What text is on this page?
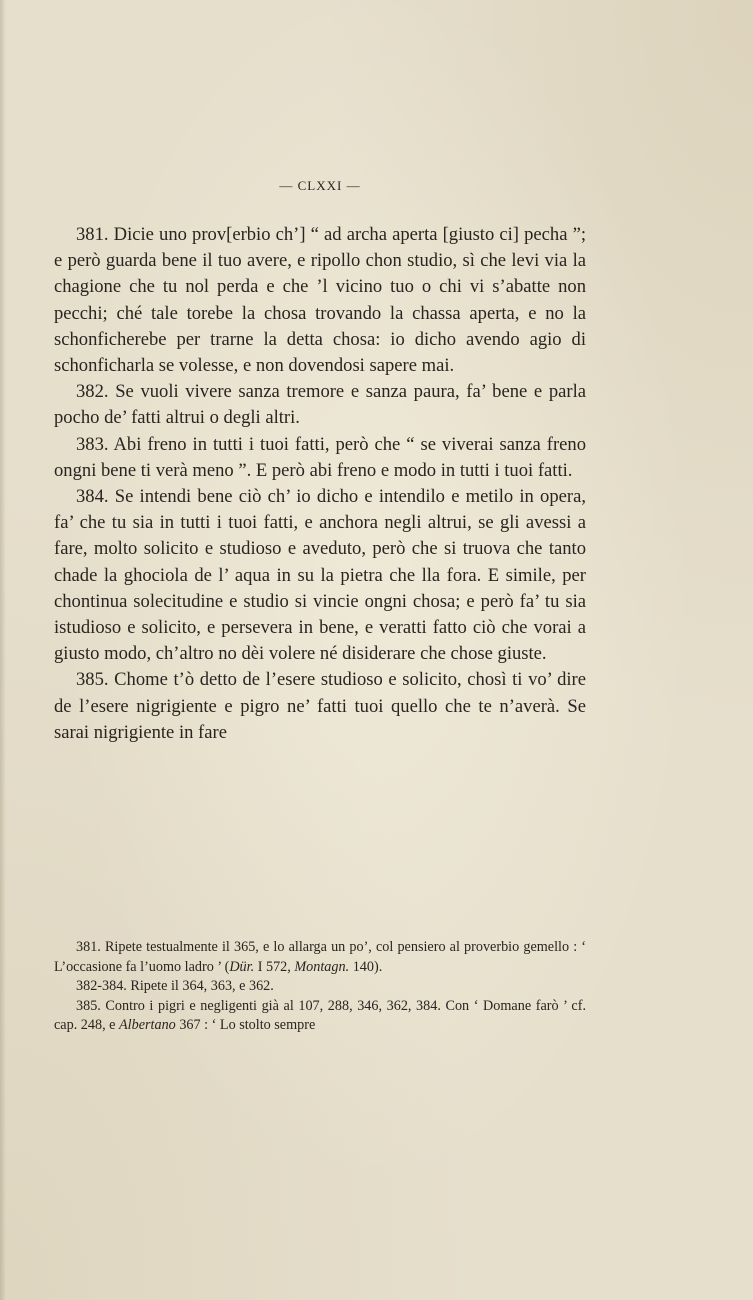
— CLXXI —

381. Dicie uno prov[erbio ch’] “ ad archa aperta [giusto ci] pecha ”; e però guarda bene il tuo avere, e ripollo chon studio, sì che levi via la chagione che tu nol perda e che ’l vicino tuo o chi vi s’abatte non pecchi; ché tale torebe la chosa trovando la chassa aperta, e no la schonficherebe per trarne la detta chosa: io dicho avendo agio di schonficharla se volesse, e non dovendosi sapere mai.

382. Se vuoli vivere sanza tremore e sanza paura, fa’ bene e parla pocho de’ fatti altrui o degli altri.

383. Abi freno in tutti i tuoi fatti, però che “ se viverai sanza freno ongni bene ti verà meno ”. E però abi freno e modo in tutti i tuoi fatti.

384. Se intendi bene ciò ch’ io dicho e intendilo e metilo in opera, fa’ che tu sia in tutti i tuoi fatti, e anchora negli altrui, se gli avessi a fare, molto solicito e studioso e aveduto, però che si truova che tanto chade la ghociola de l’ aqua in su la pietra che lla fora. E simile, per chontinua solecitudine e studio si vincie ongni chosa; e però fa’ tu sia istudioso e solicito, e persevera in bene, e veratti fatto ciò che vorai a giusto modo, ch’altro no dèi volere né disiderare che chose giuste.

385. Chome t’ò detto de l’esere studioso e solicito, chosì ti vo’ dire de l’esere nigrigiente e pigro ne’ fatti tuoi quello che te n’averà. Se sarai nigrigiente in fare

381. Ripete testualmente il 365, e lo allarga un po’, col pensiero al proverbio gemello : ‘ L’occasione fa l’uomo ladro ’ (Dür. I 572, Montagn. 140).

382-384. Ripete il 364, 363, e 362.

385. Contro i pigri e negligenti già al 107, 288, 346, 362, 384. Con ‘ Domane farò ’ cf. cap. 248, e Albertano 367 : ‘ Lo stolto sempre
